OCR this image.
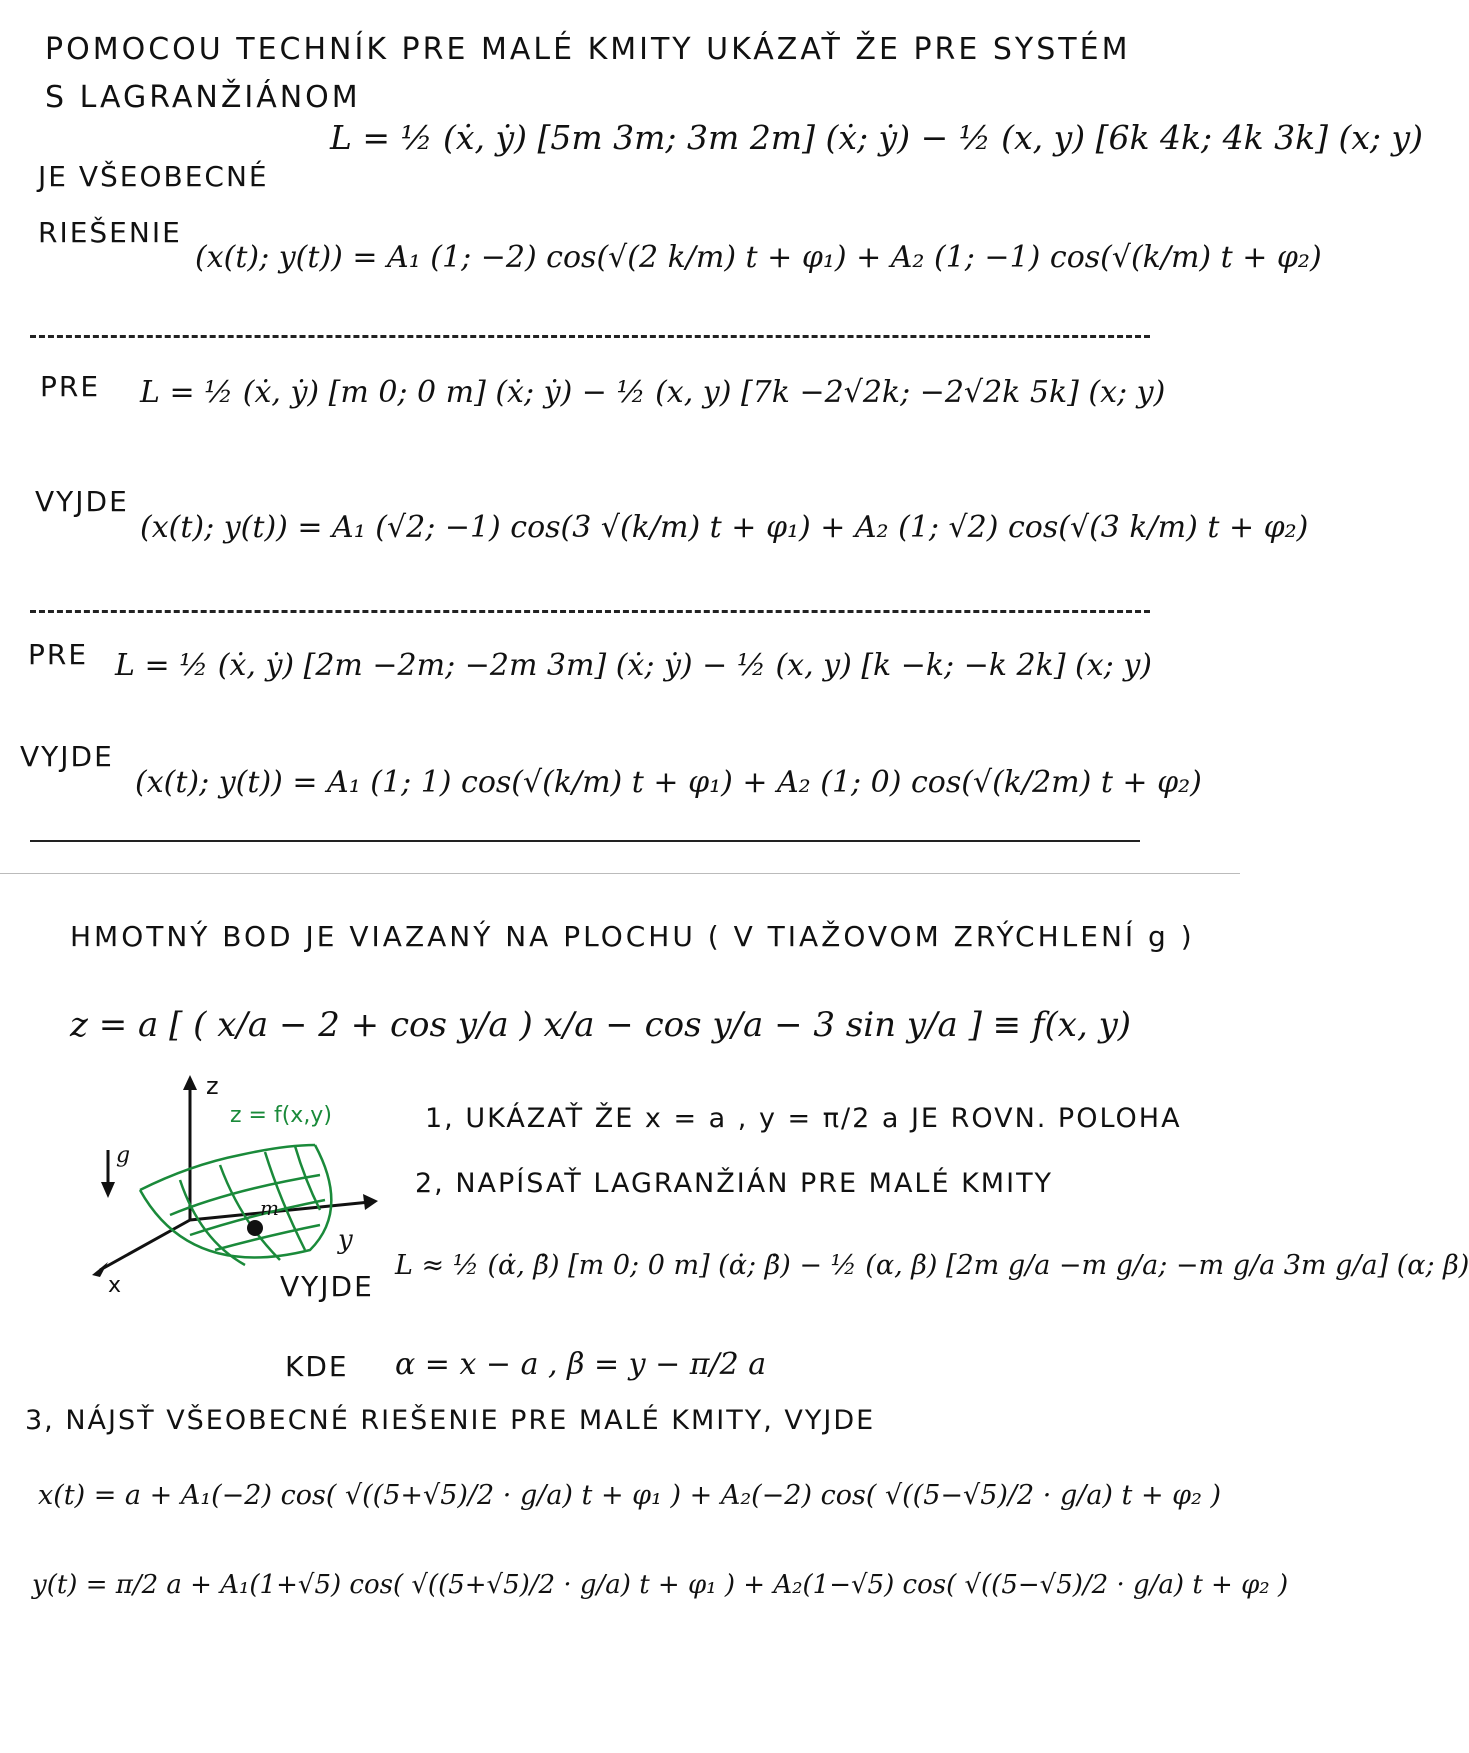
POMOCOU TECHNÍK PRE MALÉ KMITY UKÁZAŤ ŽE PRE SYSTÉM
S LAGRANŽIÁNOM
JE VŠEOBECNÉ
L = ½ (ẋ, ẏ) [5m 3m; 3m 2m] (ẋ; ẏ) − ½ (x, y) [6k 4k; 4k 3k] (x; y)
RIEŠENIE
(x(t); y(t)) = A₁ (1; −2) cos(√(2 k/m) t + φ₁) + A₂ (1; −1) cos(√(k/m) t + φ₂)
PRE L = ½ (ẋ, ẏ) [m 0; 0 m] (ẋ; ẏ) − ½ (x, y) [7k −2√2k; −2√2k 5k] (x; y)
VYJDE
(x(t); y(t)) = A₁ (√2; −1) cos(3 √(k/m) t + φ₁) + A₂ (1; √2) cos(√(3 k/m) t + φ₂)
PRE L = ½ (ẋ, ẏ) [2m −2m; −2m 3m] (ẋ; ẏ) − ½ (x, y) [k −k; −k 2k] (x; y)
VYJDE
(x(t); y(t)) = A₁ (1; 1) cos(√(k/m) t + φ₁) + A₂ (1; 0) cos(√(k/2m) t + φ₂)
HMOTNÝ BOD JE VIAZANÝ NA PLOCHU ( V TIAŽOVOM ZRÝCHLENÍ g )
z = a [ ( x/a − 2 + cos y/a ) x/a − cos y/a − 3 sin y/a ] ≡ f(x, y)
z
y
x
g
m
z = f(x,y)	1, UKÁZAŤ ŽE x = a , y = π/2 a JE ROVN. POLOHA
2, NAPÍSAŤ LAGRANŽIÁN PRE MALÉ KMITY
VYJDE
L ≈ ½ (α̇, β̇) [m 0; 0 m] (α̇; β̇) − ½ (α, β) [2m g/a −m g/a; −m g/a 3m g/a] (α; β)
KDE α = x − a , β = y − π/2 a
3, NÁJSŤ VŠEOBECNÉ RIEŠENIE PRE MALÉ KMITY, VYJDE
x(t) = a + A₁(−2) cos( √((5+√5)/2 · g/a) t + φ₁ ) + A₂(−2) cos( √((5−√5)/2 · g/a) t + φ₂ )
y(t) = π/2 a + A₁(1+√5) cos( √((5+√5)/2 · g/a) t + φ₁ ) + A₂(1−√5) cos( √((5−√5)/2 · g/a) t + φ₂ )
